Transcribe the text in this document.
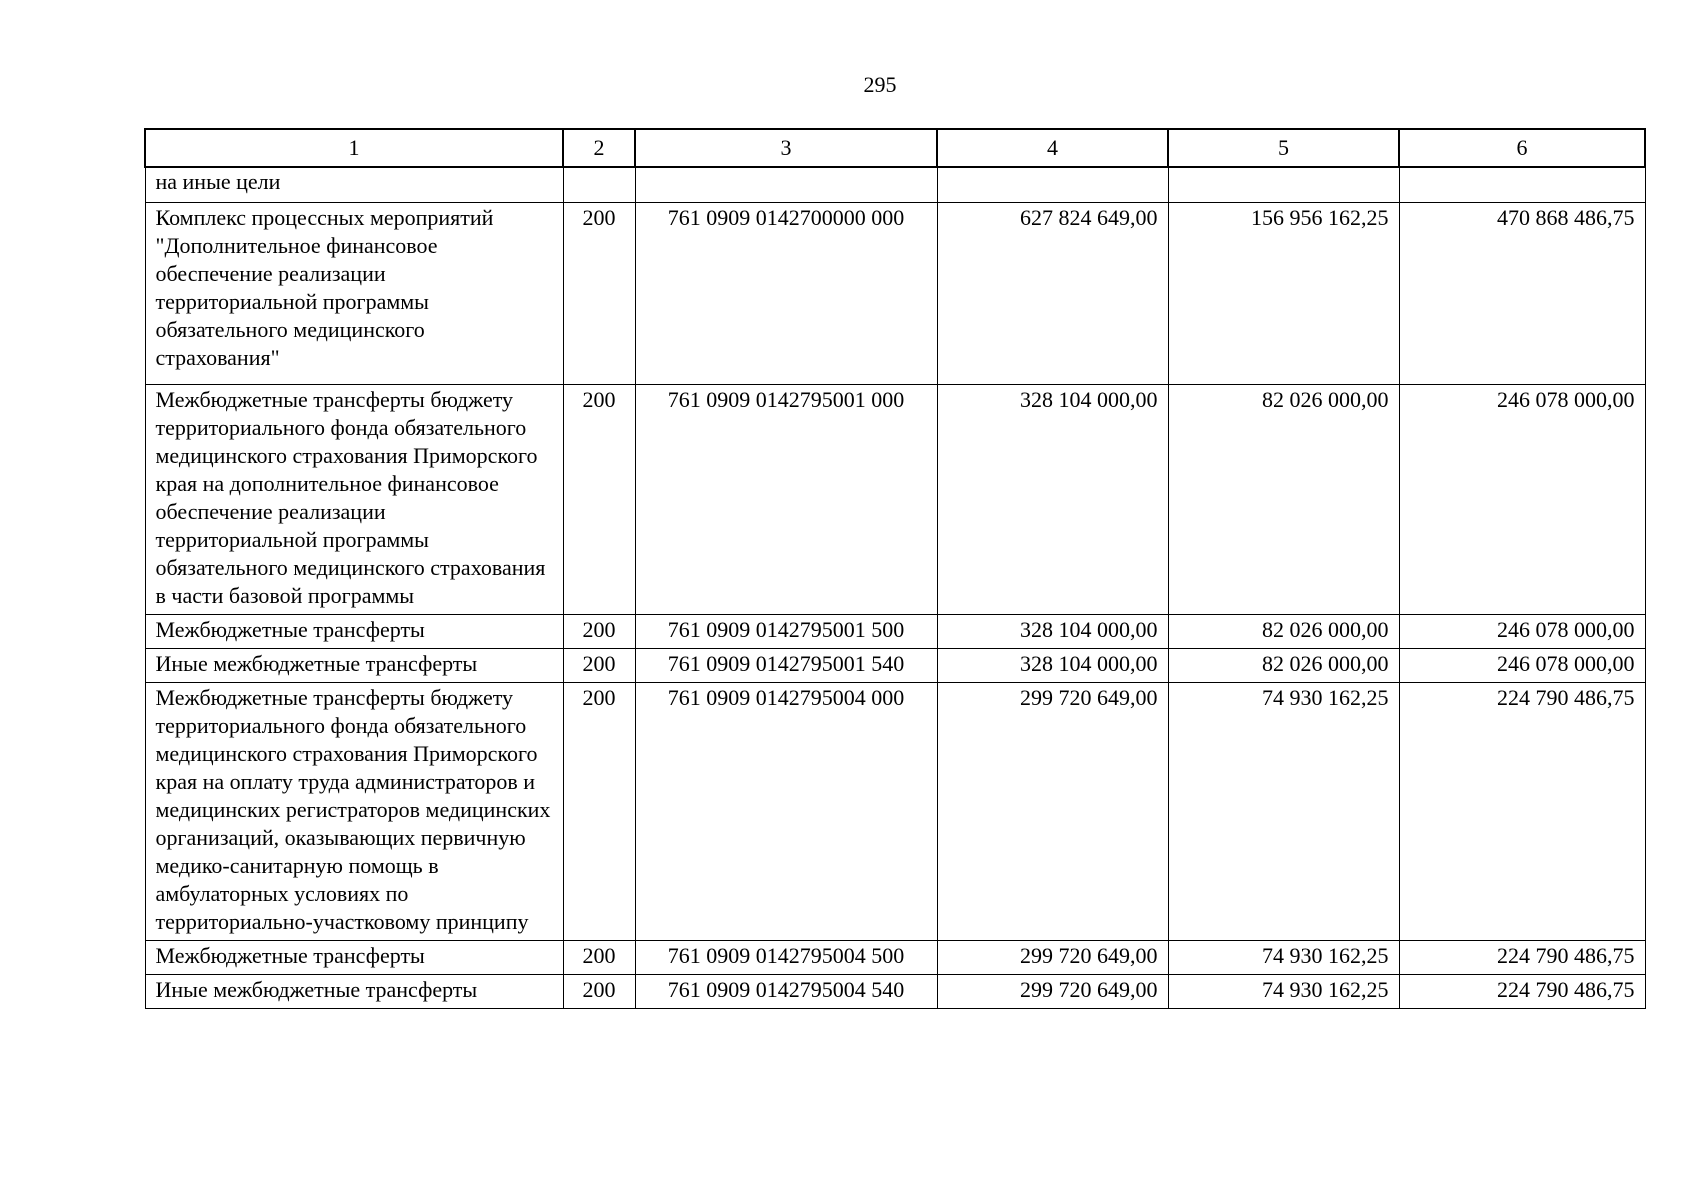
295
1	2	3	4	5	6
на иные цели					
Комплекс процессных мероприятий "Дополнительное финансовое обеспечение реализации территориальной программы обязательного медицинского страхования"	200	761 0909 0142700000 000	627 824 649,00	156 956 162,25	470 868 486,75
Межбюджетные трансферты бюджету территориального фонда обязательного медицинского страхования Приморского края на дополнительное финансовое обеспечение реализации территориальной программы обязательного медицинского страхования в части базовой программы	200	761 0909 0142795001 000	328 104 000,00	82 026 000,00	246 078 000,00
Межбюджетные трансферты	200	761 0909 0142795001 500	328 104 000,00	82 026 000,00	246 078 000,00
Иные межбюджетные трансферты	200	761 0909 0142795001 540	328 104 000,00	82 026 000,00	246 078 000,00
Межбюджетные трансферты бюджету территориального фонда обязательного медицинского страхования Приморского края на оплату труда администраторов и медицинских регистраторов медицинских организаций, оказывающих первичную медико-санитарную помощь в амбулаторных условиях по территориально-участковому принципу	200	761 0909 0142795004 000	299 720 649,00	74 930 162,25	224 790 486,75
Межбюджетные трансферты	200	761 0909 0142795004 500	299 720 649,00	74 930 162,25	224 790 486,75
Иные межбюджетные трансферты	200	761 0909 0142795004 540	299 720 649,00	74 930 162,25	224 790 486,75
